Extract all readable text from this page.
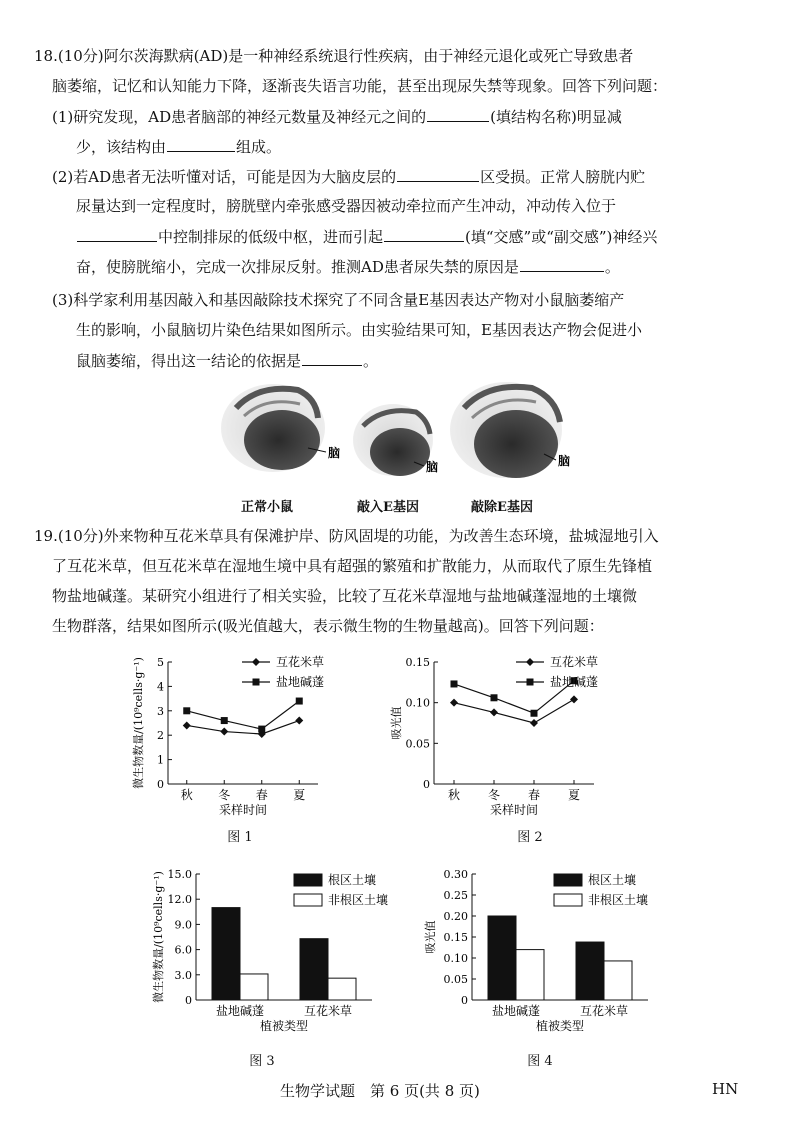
18.(10分)阿尔茨海默病(AD)是一种神经系统退行性疾病，由于神经元退化或死亡导致患者
脑萎缩，记忆和认知能力下降，逐渐丧失语言功能，甚至出现尿失禁等现象。回答下列问题：
(1)研究发现，AD患者脑部的神经元数量及神经元之间的	(填结构名称)明显减
少，该结构由	组成。
(2)若AD患者无法听懂对话，可能是因为大脑皮层的	区受损。正常人膀胱内贮
尿量达到一定程度时，膀胱壁内牵张感受器因被动牵拉而产生冲动，冲动传入位于
中控制排尿的低级中枢，进而引起	(填“交感”或“副交感”)神经兴
奋，使膀胱缩小，完成一次排尿反射。推测AD患者尿失禁的原因是	。
(3)科学家利用基因敲入和基因敲除技术探究了不同含量E基因表达产物对小鼠脑萎缩产
生的影响，小鼠脑切片染色结果如图所示。由实验结果可知，E基因表达产物会促进小
鼠脑萎缩，得出这一结论的依据是	。
脑
脑	脑
正常小鼠	敲入E基因	敲除E基因
19.(10分)外来物种互花米草具有保滩护岸、防风固堤的功能，为改善生态环境，盐城湿地引入
了互花米草，但互花米草在湿地生境中具有超强的繁殖和扩散能力，从而取代了原生先锋植
物盐地碱蓬。某研究小组进行了相关实验，比较了互花米草湿地与盐地碱蓬湿地的土壤微
生物群落，结果如图所示(吸光值越大，表示微生物的生物量越高)。回答下列问题：
0
1
2
3
4
5
微生物数量/(10⁹cells·g⁻¹)
秋 冬 春 夏
互花米草
盐地碱蓬
采样时间
0
0.05
0.10
0.15
吸光值
秋 冬 春 夏
互花米草
盐地碱蓬
采样时间
图 1	图 2
0
3.0
6.0
9.0
12.0
15.0
微生物数量/(10⁹cells·g⁻¹)
盐地碱蓬	互花米草
根区土壤
非根区土壤
植被类型
0
0.05
0.10
0.15
0.20
0.25
0.30
吸光值
盐地碱蓬	互花米草
根区土壤
非根区土壤
植被类型
图 3	图 4
生物学试题　第 6 页(共 8 页)	HN
